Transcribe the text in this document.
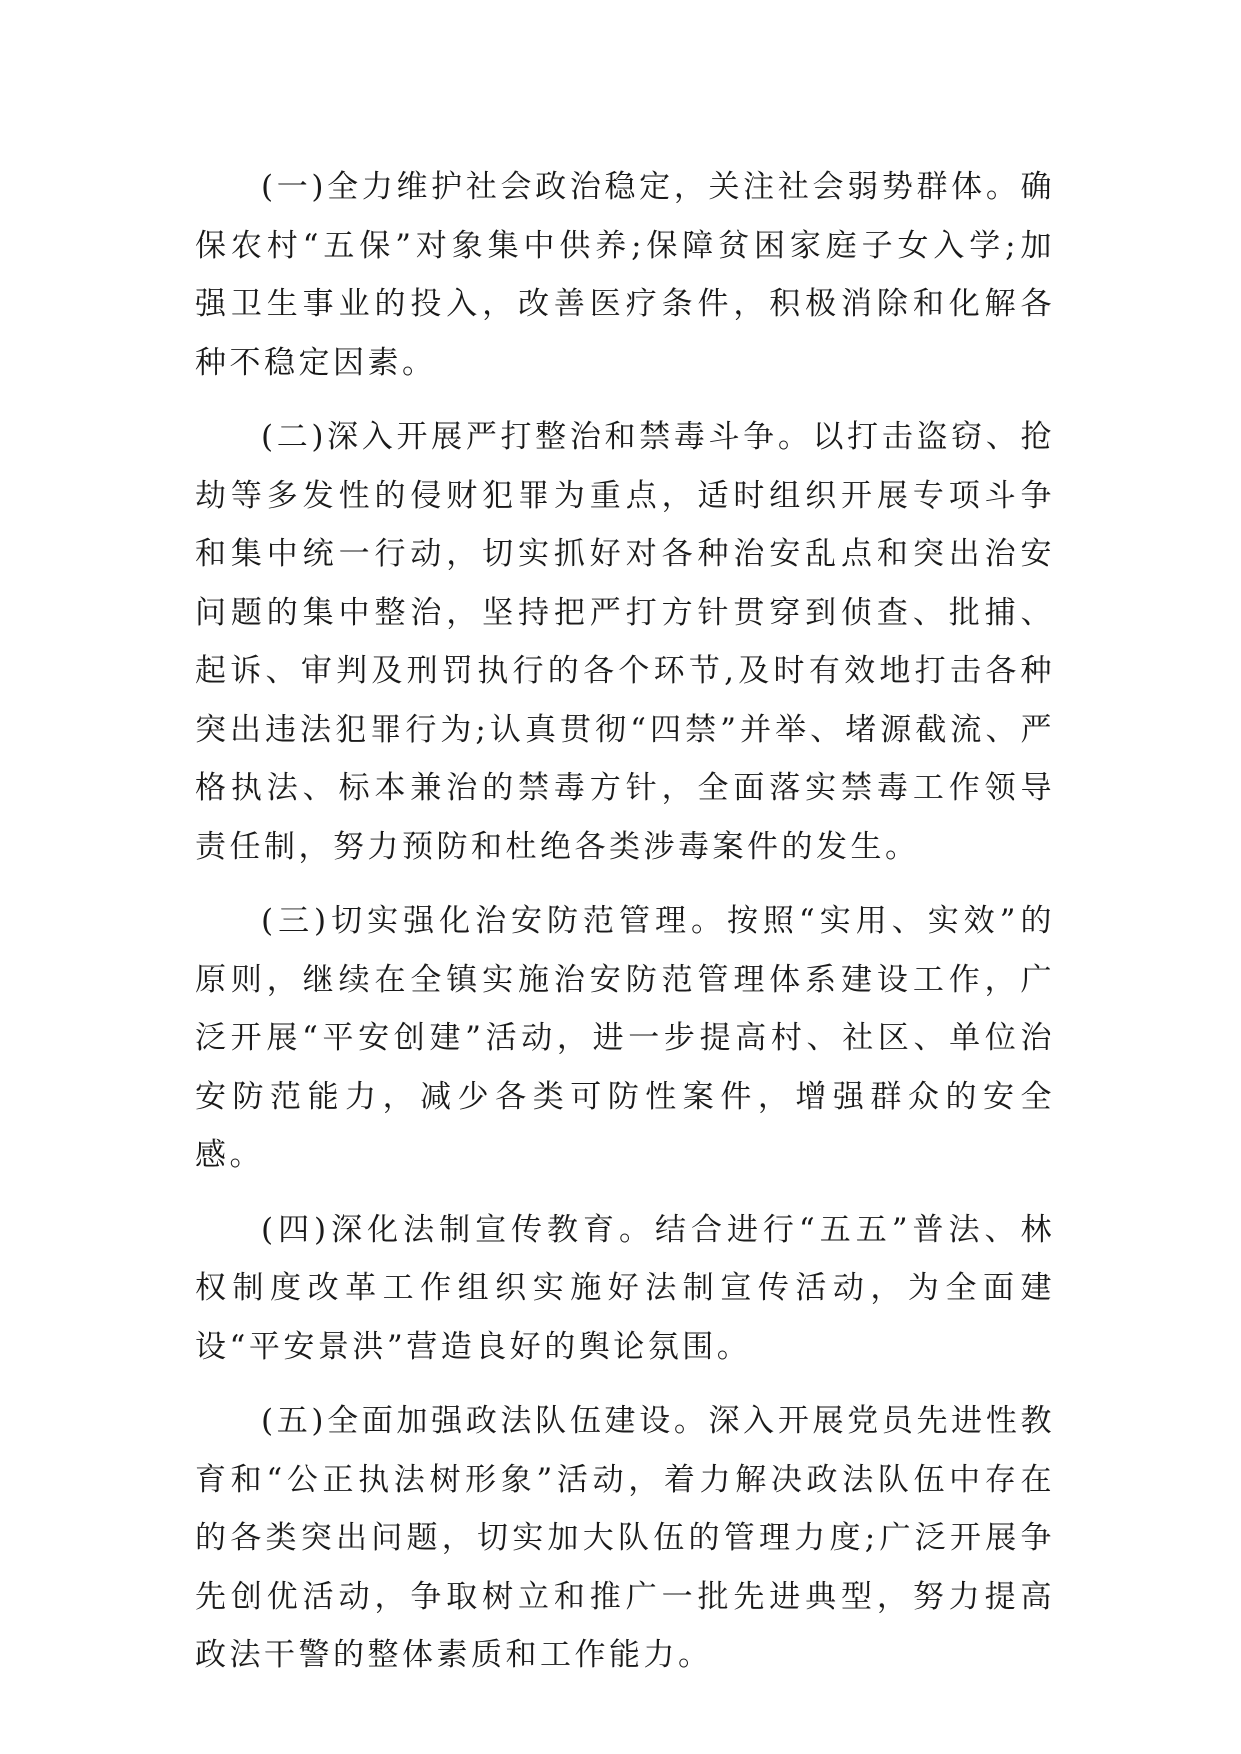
(一)全力维护社会政治稳定，关注社会弱势群体。确保农村“五保”对象集中供养;保障贫困家庭子女入学;加强卫生事业的投入，改善医疗条件，积极消除和化解各种不稳定因素。

(二)深入开展严打整治和禁毒斗争。以打击盗窃、抢劫等多发性的侵财犯罪为重点，适时组织开展专项斗争和集中统一行动，切实抓好对各种治安乱点和突出治安问题的集中整治，坚持把严打方针贯穿到侦查、批捕、起诉、审判及刑罚执行的各个环节,及时有效地打击各种突出违法犯罪行为;认真贯彻“四禁”并举、堵源截流、严格执法、标本兼治的禁毒方针，全面落实禁毒工作领导责任制，努力预防和杜绝各类涉毒案件的发生。

(三)切实强化治安防范管理。按照“实用、实效”的原则，继续在全镇实施治安防范管理体系建设工作，广泛开展“平安创建”活动，进一步提高村、社区、单位治安防范能力，减少各类可防性案件，增强群众的安全感。

(四)深化法制宣传教育。结合进行“五五”普法、林权制度改革工作组织实施好法制宣传活动，为全面建设“平安景洪”营造良好的舆论氛围。

(五)全面加强政法队伍建设。深入开展党员先进性教育和“公正执法树形象”活动，着力解决政法队伍中存在的各类突出问题，切实加大队伍的管理力度;广泛开展争先创优活动，争取树立和推广一批先进典型，努力提高政法干警的整体素质和工作能力。
